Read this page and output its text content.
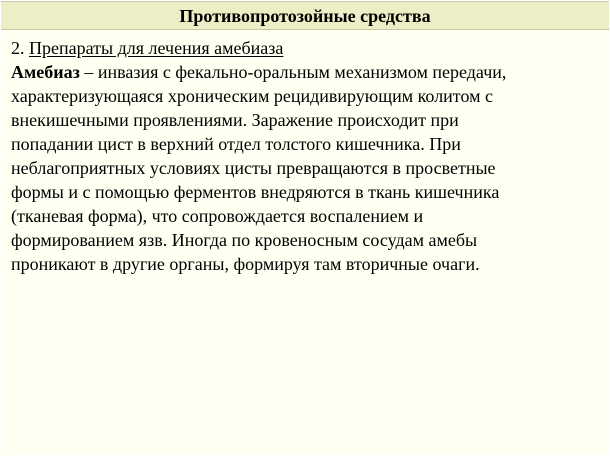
Противопротозойные средства
2. Препараты для лечения амебиаза
Амебиаз – инвазия с фекально-оральным механизмом передачи,
характеризующаяся хроническим рецидивирующим колитом с
внекишечными проявлениями. Заражение происходит при
попадании цист в верхний отдел толстого кишечника. При
неблагоприятных условиях цисты превращаются в просветные
формы и с помощью ферментов внедряются в ткань кишечника
(тканевая форма), что сопровождается воспалением и
формированием язв. Иногда по кровеносным сосудам амебы
проникают в другие органы, формируя там вторичные очаги.
